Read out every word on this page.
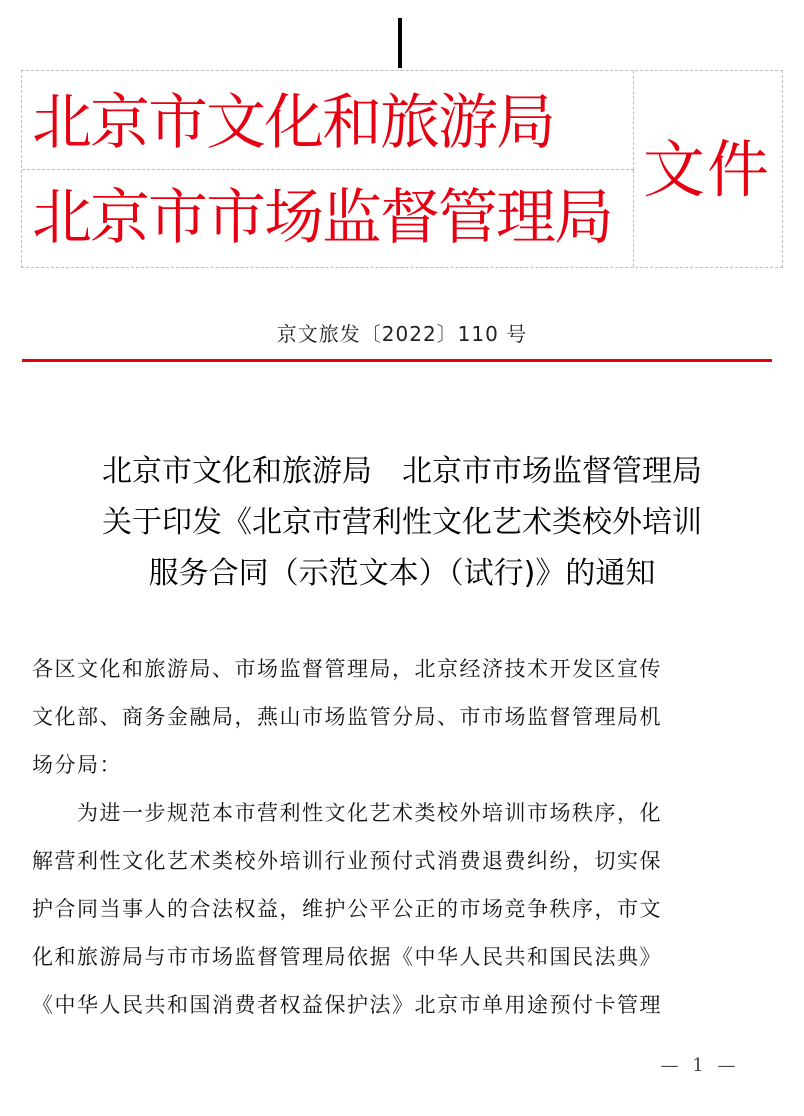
北京市文化和旅游局
北京市市场监督管理局
文件
京文旅发〔2022〕110 号
北京市文化和旅游局　北京市市场监督管理局
关于印发《北京市营利性文化艺术类校外培训
服务合同（示范文本）（试行)》的通知
各区文化和旅游局、市场监督管理局，北京经济技术开发区宣传
文化部、商务金融局，燕山市场监管分局、市市场监督管理局机
场分局：
　　为进一步规范本市营利性文化艺术类校外培训市场秩序，化
解营利性文化艺术类校外培训行业预付式消费退费纠纷，切实保
护合同当事人的合法权益，维护公平公正的市场竞争秩序，市文
化和旅游局与市市场监督管理局依据《中华人民共和国民法典》
《中华人民共和国消费者权益保护法》北京市单用途预付卡管理
— 1 —
